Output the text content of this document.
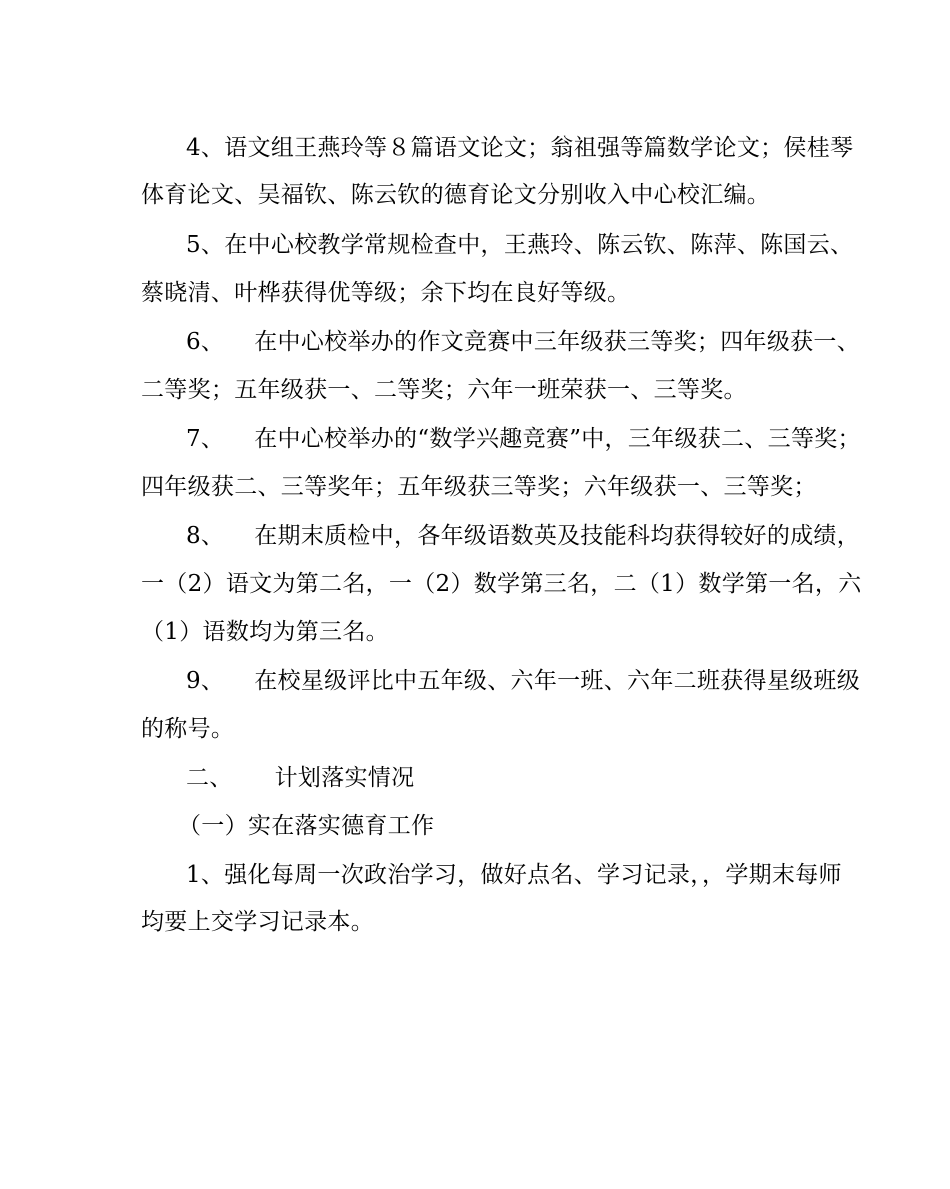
4、语文组王燕玲等８篇语文论文；翁祖强等篇数学论文；侯桂琴
体育论文、吴福钦、陈云钦的德育论文分别收入中心校汇编。
5、在中心校教学常规检查中，王燕玲、陈云钦、陈萍、陈国云、
蔡晓清、叶桦获得优等级；余下均在良好等级。
6、 在中心校举办的作文竞赛中三年级获三等奖；四年级获一、
二等奖；五年级获一、二等奖；六年一班荣获一、三等奖。
7、 在中心校举办的“数学兴趣竞赛”中，三年级获二、三等奖；
四年级获二、三等奖年；五年级获三等奖；六年级获一、三等奖；
8、 在期末质检中，各年级语数英及技能科均获得较好的成绩，
一（2）语文为第二名，一（2）数学第三名，二（1）数学第一名，六
（1）语数均为第三名。
9、 在校星级评比中五年级、六年一班、六年二班获得星级班级
的称号。
二、 计划落实情况
（一）实在落实德育工作
1、强化每周一次政治学习，做好点名、学习记录，，学期末每师
均要上交学习记录本。
